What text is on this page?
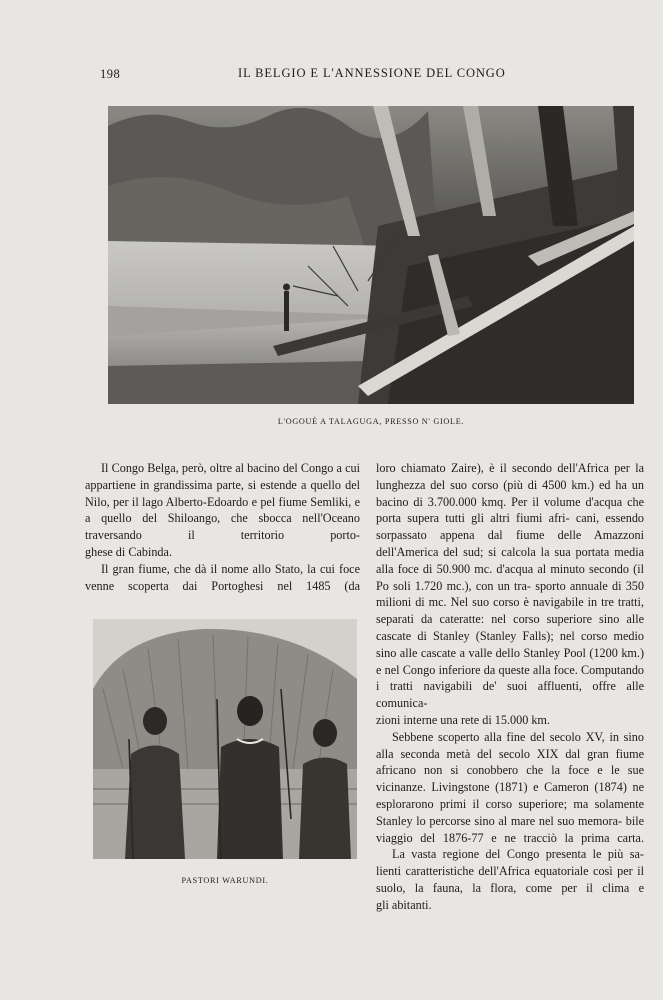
198	IL BELGIO E L'ANNESSIONE DEL CONGO
L'OGOUÈ A TALAGUGA, PRESSO N' GIOLE.

Il Congo Belga, però, oltre al bacino del Congo a cui appartiene in grandissima parte, si estende a quello del Nilo, per il lago Alberto-Edoardo e pel fiume Semliki, e a quello del Shiloango, che sbocca nell'Oceano traversando il territorio porto-

ghese di Cabinda.

Il gran fiume, che dà il nome allo Stato, la cui foce venne scoperta dai Portoghesi nel 1485 (da

loro chiamato Zaire), è il secondo dell'Africa per la lunghezza del suo corso (più di 4500 km.) ed ha un bacino di 3.700.000 kmq. Per il volume d'acqua che porta supera tutti gli altri fiumi afri- cani, essendo sorpassato appena dal fiume delle Amazzoni dell'America del sud; si calcola la sua portata media alla foce di 50.900 mc. d'acqua al minuto secondo (il Po soli 1.720 mc.), con un tra- sporto annuale di 350 milioni di mc. Nel suo corso è navigabile in tre tratti, separati da cateratte: nel corso superiore sino alle cascate di Stanley (Stanley Falls); nel corso medio sino alle cascate a valle dello Stanley Pool (1200 km.) e nel Congo inferiore da queste alla foce. Computando i tratti navigabili de' suoi affluenti, offre alle comunica-

zioni interne una rete di 15.000 km.

Sebbene scoperto alla fine del secolo XV, in sino alla seconda metà del secolo XIX dal gran fiume africano non si conobbero che la foce e le sue vicinanze. Livingstone (1871) e Cameron (1874) ne esplorarono primi il corso superiore; ma solamente Stanley lo percorse sino al mare nel suo memora- bile viaggio del 1876-77 e ne tracciò la prima carta.

La vasta regione del Congo presenta le più sa- lienti caratteristiche dell'Africa equatoriale così per il suolo, la fauna, la flora, come per il clima e

gli abitanti.

PASTORI WARUNDI.
